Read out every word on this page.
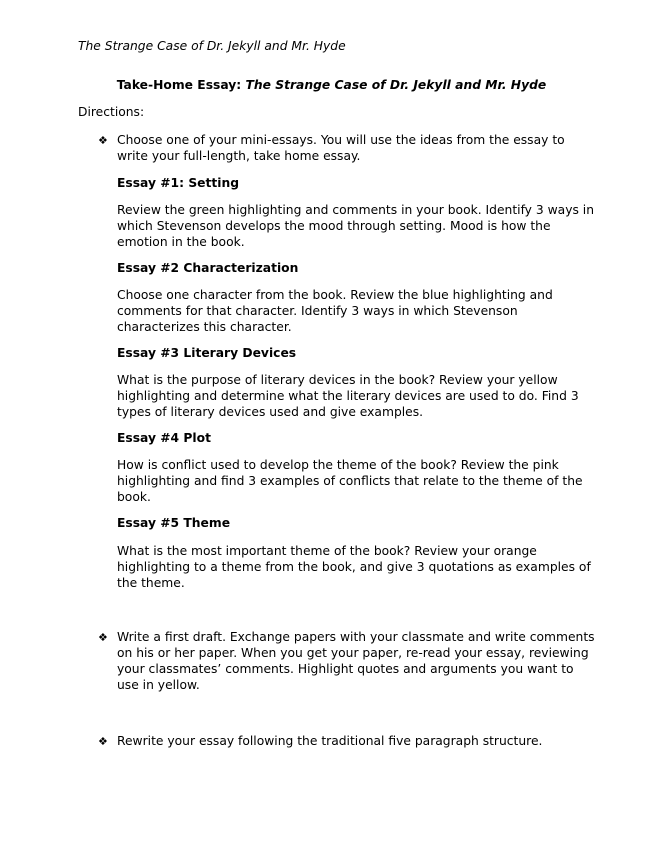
The Strange Case of Dr. Jekyll and Mr. Hyde
Take-Home Essay: The Strange Case of Dr. Jekyll and Mr. Hyde
Directions:
❖ Choose one of your mini-essays. You will use the ideas from the essay to write your full-length, take home essay.
Essay #1: Setting
Review the green highlighting and comments in your book. Identify 3 ways in which Stevenson develops the mood through setting. Mood is how the emotion in the book.
Essay #2 Characterization
Choose one character from the book. Review the blue highlighting and comments for that character. Identify 3 ways in which Stevenson characterizes this character.
Essay #3 Literary Devices
What is the purpose of literary devices in the book? Review your yellow highlighting and determine what the literary devices are used to do. Find 3 types of literary devices used and give examples.
Essay #4 Plot
How is conflict used to develop the theme of the book? Review the pink highlighting and find 3 examples of conflicts that relate to the theme of the book.
Essay #5 Theme
What is the most important theme of the book? Review your orange highlighting to a theme from the book, and give 3 quotations as examples of the theme.
❖ Write a first draft. Exchange papers with your classmate and write comments on his or her paper. When you get your paper, re-read your essay, reviewing your classmates’ comments. Highlight quotes and arguments you want to use in yellow.
❖ Rewrite your essay following the traditional five paragraph structure.
